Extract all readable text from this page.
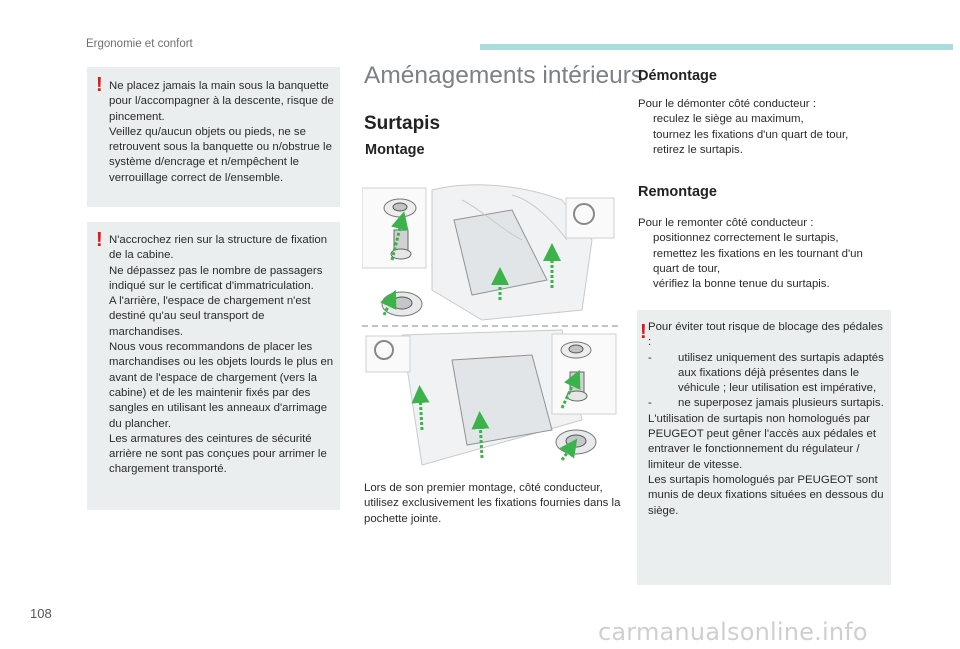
Ergonomie et confort
! Ne placez jamais la main sous la banquette pour l/accompagner à la descente, risque de pincement.

Veillez qu/aucun objets ou pieds, ne se retrouvent sous la banquette ou n/obstrue le système d/encrage et n/empêchent le verrouillage correct de l/ensemble.

! N'accrochez rien sur la structure de fixation de la cabine.

Ne dépassez pas le nombre de passagers indiqué sur le certificat d'immatriculation.

A l'arrière, l'espace de chargement n'est destiné qu'au seul transport de marchandises.

Nous vous recommandons de placer les marchandises ou les objets lourds le plus en avant de l'espace de chargement (vers la cabine) et de les maintenir fixés par des sangles en utilisant les anneaux d'arrimage du plancher.

Les armatures des ceintures de sécurité arrière ne sont pas conçues pour arrimer le chargement transporté.

Aménagements intérieurs
Surtapis
Montage
Lors de son premier montage, côté conducteur, utilisez exclusivement les fixations fournies dans la pochette jointe.
Démontage

Pour le démonter côté conducteur :

reculez le siège au maximum,
tournez les fixations d'un quart de tour,
retirez le surtapis.
Remontage

Pour le remonter côté conducteur :

positionnez correctement le surtapis,
remettez les fixations en les tournant d'un quart de tour,
vérifiez la bonne tenue du surtapis.
! Pour éviter tout risque de blocage des pédales :

- utilisez uniquement des surtapis adaptés aux fixations déjà présentes dans le véhicule ; leur utilisation est impérative,
- ne superposez jamais plusieurs surtapis.

L'utilisation de surtapis non homologués par PEUGEOT peut gêner l'accès aux pédales et entraver le fonctionnement du régulateur / limiteur de vitesse.

Les surtapis homologués par PEUGEOT sont munis de deux fixations situées en dessous du siège.

108
carmanualsonline.info
